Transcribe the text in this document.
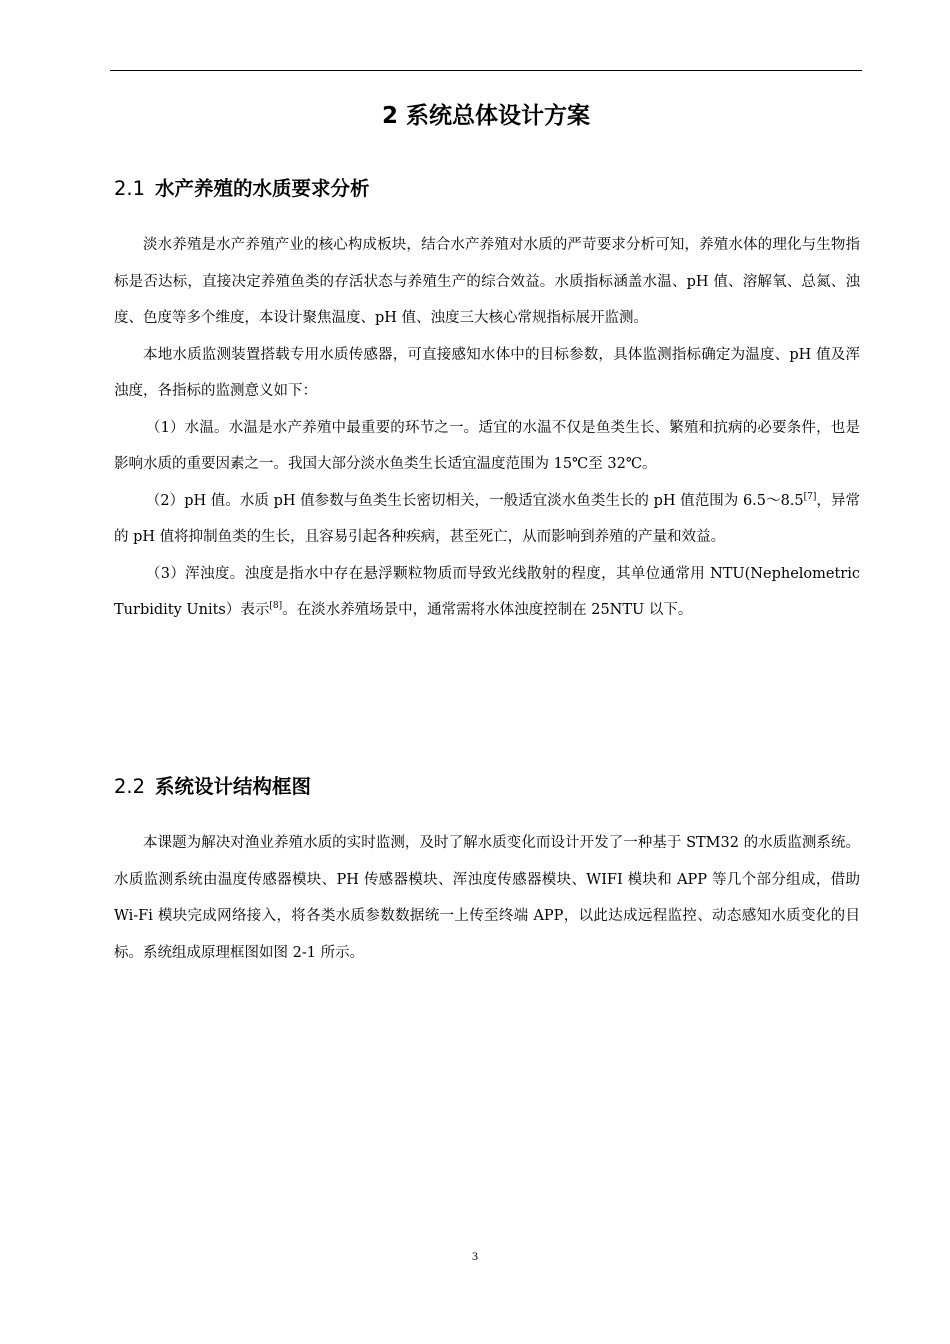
2 系统总体设计方案
2.1 水产养殖的水质要求分析

淡水养殖是水产养殖产业的核心构成板块，结合水产养殖对水质的严苛要求分析可知，养殖水体的理化与生物指标是否达标，直接决定养殖鱼类的存活状态与养殖生产的综合效益。水质指标涵盖水温、pH 值、溶解氧、总氮、浊度、色度等多个维度，本设计聚焦温度、pH 值、浊度三大核心常规指标展开监测。

本地水质监测装置搭载专用水质传感器，可直接感知水体中的目标参数，具体监测指标确定为温度、pH 值及浑浊度，各指标的监测意义如下：

（1）水温。水温是水产养殖中最重要的环节之一。适宜的水温不仅是鱼类生长、繁殖和抗病的必要条件，也是影响水质的重要因素之一。我国大部分淡水鱼类生长适宜温度范围为 15℃至 32℃。

（2）pH 值。水质 pH 值参数与鱼类生长密切相关，一般适宜淡水鱼类生长的 pH 值范围为 6.5～8.5[7]，异常的 pH 值将抑制鱼类的生长，且容易引起各种疾病，甚至死亡，从而影响到养殖的产量和效益。

（3）浑浊度。浊度是指水中存在悬浮颗粒物质而导致光线散射的程度，其单位通常用 NTU(Nephelometric Turbidity Units）表示[8]。在淡水养殖场景中，通常需将水体浊度控制在 25NTU 以下。

2.2 系统设计结构框图

本课题为解决对渔业养殖水质的实时监测，及时了解水质变化而设计开发了一种基于 STM32 的水质监测系统。水质监测系统由温度传感器模块、PH 传感器模块、浑浊度传感器模块、WIFI 模块和 APP 等几个部分组成，借助 Wi-Fi 模块完成网络接入，将各类水质参数数据统一上传至终端 APP，以此达成远程监控、动态感知水质变化的目标。系统组成原理框图如图 2-1 所示。

3
